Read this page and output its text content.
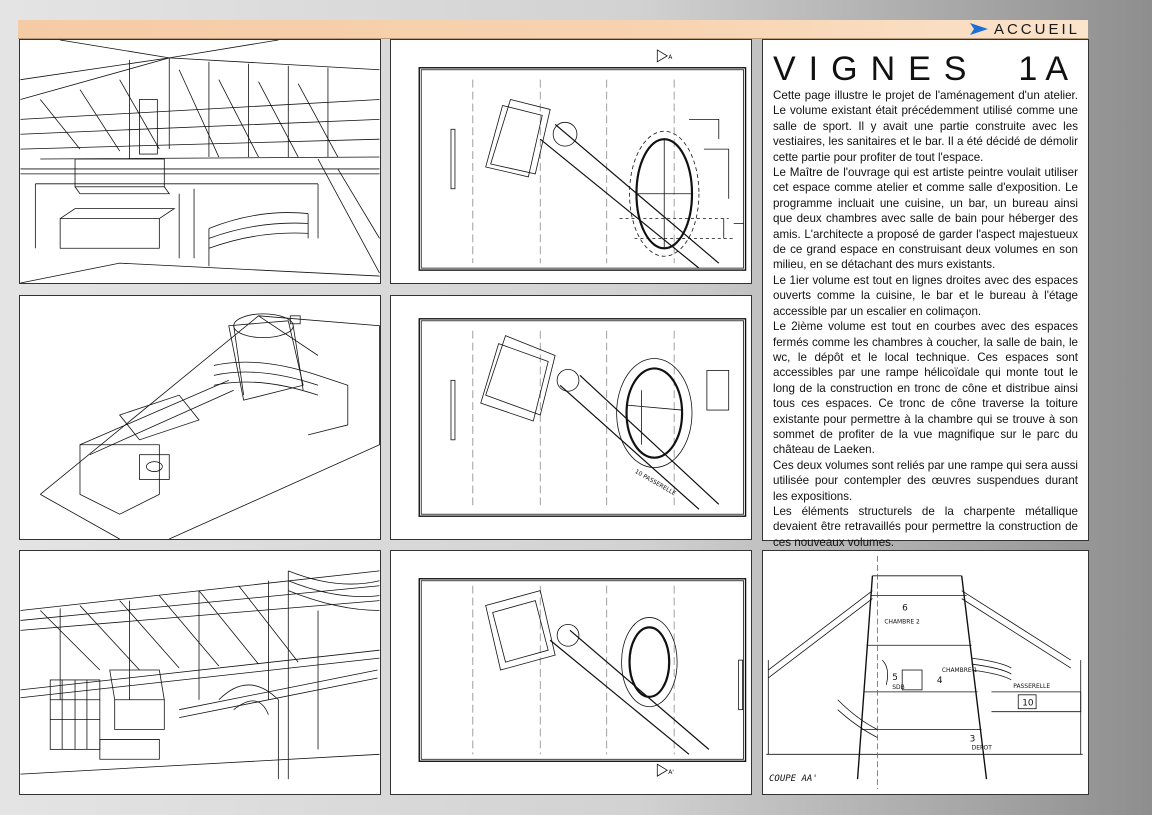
ACCUEIL
A	VIGNES 1A

Cette page illustre le projet de l'aménagement d'un atelier. Le volume existant était précédemment utilisé comme une salle de sport. Il y avait une partie construite avec les vestiaires, les sanitaires et le bar. Il a été décidé de démolir cette partie pour profiter de tout l'espace.

Le Maître de l'ouvrage qui est artiste peintre voulait utiliser cet espace comme atelier et comme salle d'exposition. Le programme incluait une cuisine, un bar, un bureau ainsi que deux chambres avec salle de bain pour héberger des amis. L'architecte a proposé de garder l'aspect majestueux de ce grand espace en construisant deux volumes en son milieu, en se détachant des murs existants.

Le 1ier volume est tout en lignes droites avec des espaces ouverts comme la cuisine, le bar et le bureau à l'étage accessible par un escalier en colimaçon.

Le 2ième volume est tout en courbes avec des espaces fermés comme les chambres à coucher, la salle de bain, le wc, le dépôt et le local technique. Ces espaces sont accessibles par une rampe hélicoïdale qui monte tout le long de la construction en tronc de cône et distribue ainsi tous ces espaces. Ce tronc de cône traverse la toiture existante pour permettre à la chambre qui se trouve à son sommet de profiter de la vue magnifique sur le parc du château de Laeken.

Ces deux volumes sont reliés par une rampe qui sera aussi utilisée pour contempler des œuvres suspendues durant les expositions.

Les éléments structurels de la charpente métallique devaient être retravaillés pour permettre la construction de ces nouveaux volumes.

10 PASSERELLE
A'
6
CHAMBRE 2
CHAMBRE 1
4
5
SDB	PASSERELLE
10
3
DEPOT
COUPE AA'
